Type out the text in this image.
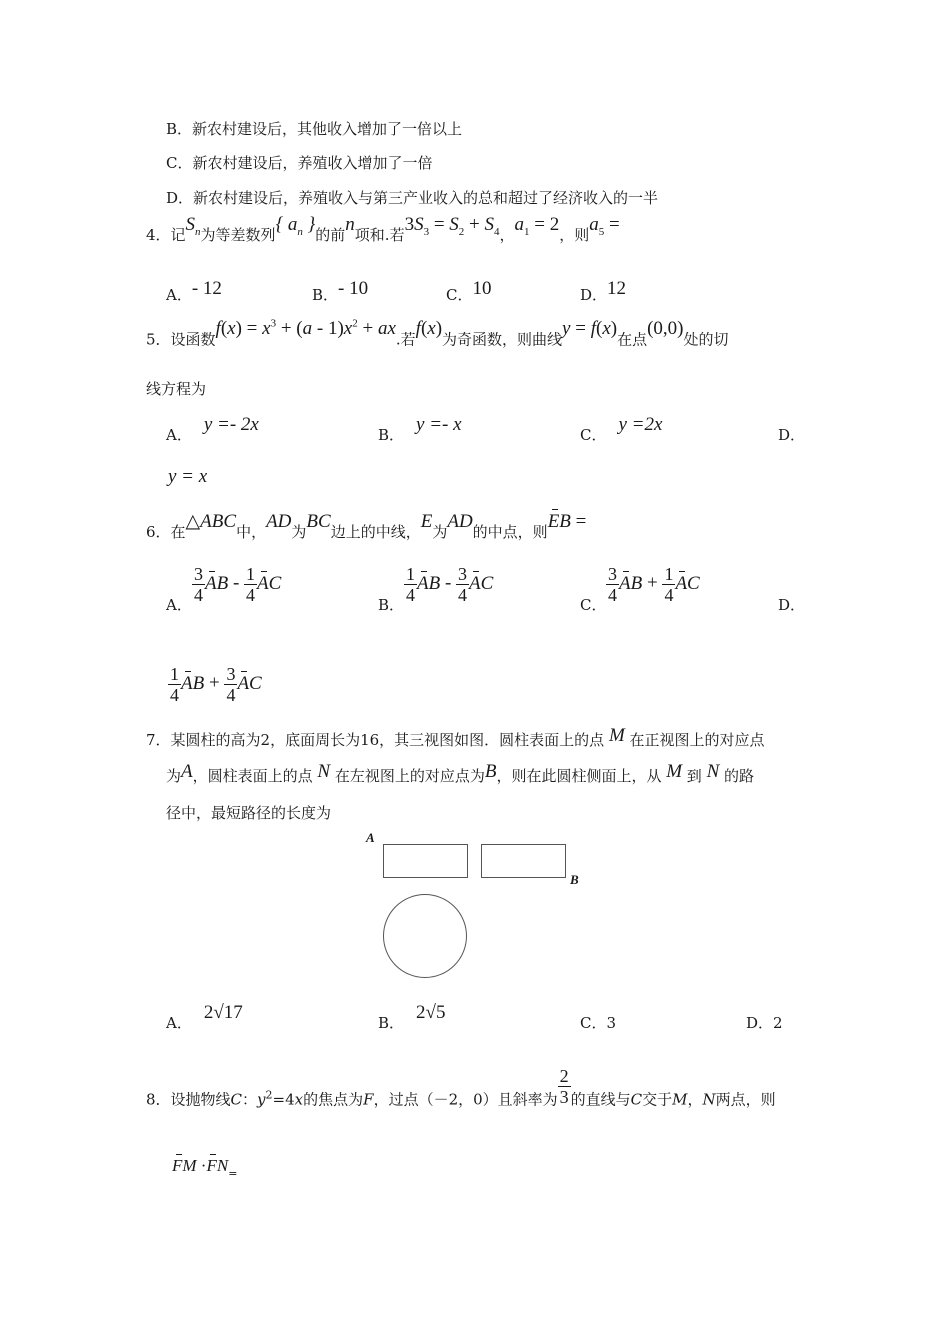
B．新农村建设后，其他收入增加了一倍以上
C．新农村建设后，养殖收入增加了一倍
D．新农村建设后，养殖收入与第三产业收入的总和超过了经济收入的一半
4．记$S_n$为等差数列{ $a_n$ }的前n项和.若$3S_3 = S_2 + S_4$，$a_1 = 2$，则$a_5$ =
A．- 12	B．- 10	C．10	D．12
5．设函数$f(x) = x^3 + (a - 1)x^2$ + ax.若f(x)为奇函数，则曲线y = f(x)在点(0,0)处的切
线方程为
A． y =- 2x	B． y =- x	C． y =2x	D．
y = x
6．在△ABC中，AD为BC边上的中线，E为AD的中点，则EB =
A． $\frac{3}{4}$ AB - $\frac{1}{4}$ AC
B． $\frac{1}{4}$ AB - $\frac{3}{4}$ AC
C． $\frac{3}{4}$ AB + $\frac{1}{4}$ AC
D．
$\frac{1}{4}$ AB + $\frac{3}{4}$ AC
7．某圆柱的高为2，底面周长为16，其三视图如图．圆柱表面上的点 M 在正视图上的对应点
为A，圆柱表面上的点 N 在左视图上的对应点为B，则在此圆柱侧面上，从 M 到 N 的路
径中，最短路径的长度为
A
B
A． 2√17	B． 2√5	C．3	D．2
8．设抛物线C：$y^2=4x$的焦点为F，过点（－2，0）且斜率为 $\frac{2}{3}$ 的直线与C交于M，N两点，则
FM $\cdot FN_=$
